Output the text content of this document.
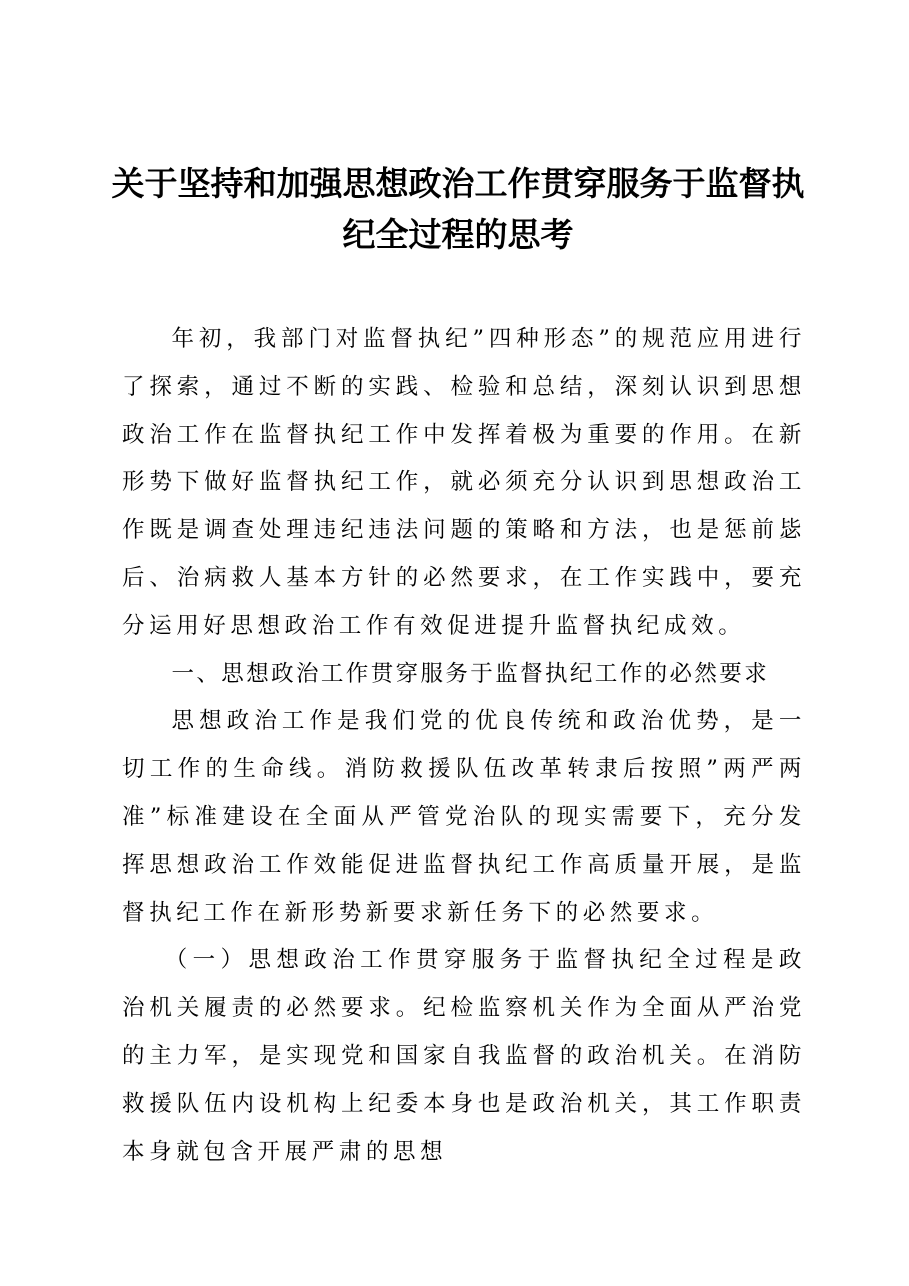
关于坚持和加强思想政治工作贯穿服务于监督执
纪全过程的思考

年初，我部门对监督执纪”四种形态”的规范应用进行了探索，通过不断的实践、检验和总结，深刻认识到思想政治工作在监督执纪工作中发挥着极为重要的作用。在新形势下做好监督执纪工作，就必须充分认识到思想政治工作既是调查处理违纪违法问题的策略和方法，也是惩前毖后、治病救人基本方针的必然要求，在工作实践中，要充分运用好思想政治工作有效促进提升监督执纪成效。

一、思想政治工作贯穿服务于监督执纪工作的必然要求

思想政治工作是我们党的优良传统和政治优势，是一切工作的生命线。消防救援队伍改革转隶后按照”两严两准”标准建设在全面从严管党治队的现实需要下，充分发挥思想政治工作效能促进监督执纪工作高质量开展，是监督执纪工作在新形势新要求新任务下的必然要求。

（一）思想政治工作贯穿服务于监督执纪全过程是政治机关履责的必然要求。纪检监察机关作为全面从严治党的主力军，是实现党和国家自我监督的政治机关。在消防救援队伍内设机构上纪委本身也是政治机关，其工作职责本身就包含开展严肃的思想
